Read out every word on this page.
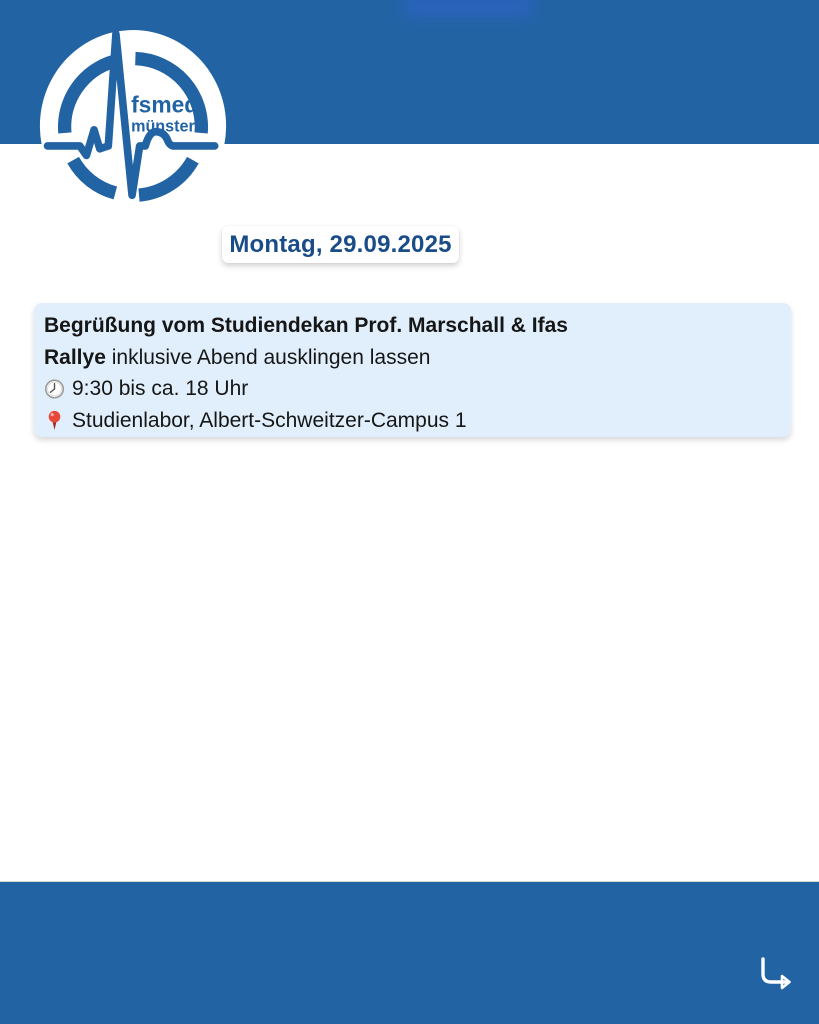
fsmed
münster
Montag, 29.09.2025
Begrüßung vom Studiendekan Prof. Marschall & Ifas
Rallye inklusive Abend ausklingen lassen
9:30 bis ca. 18 Uhr
Studienlabor, Albert-Schweitzer-Campus 1
